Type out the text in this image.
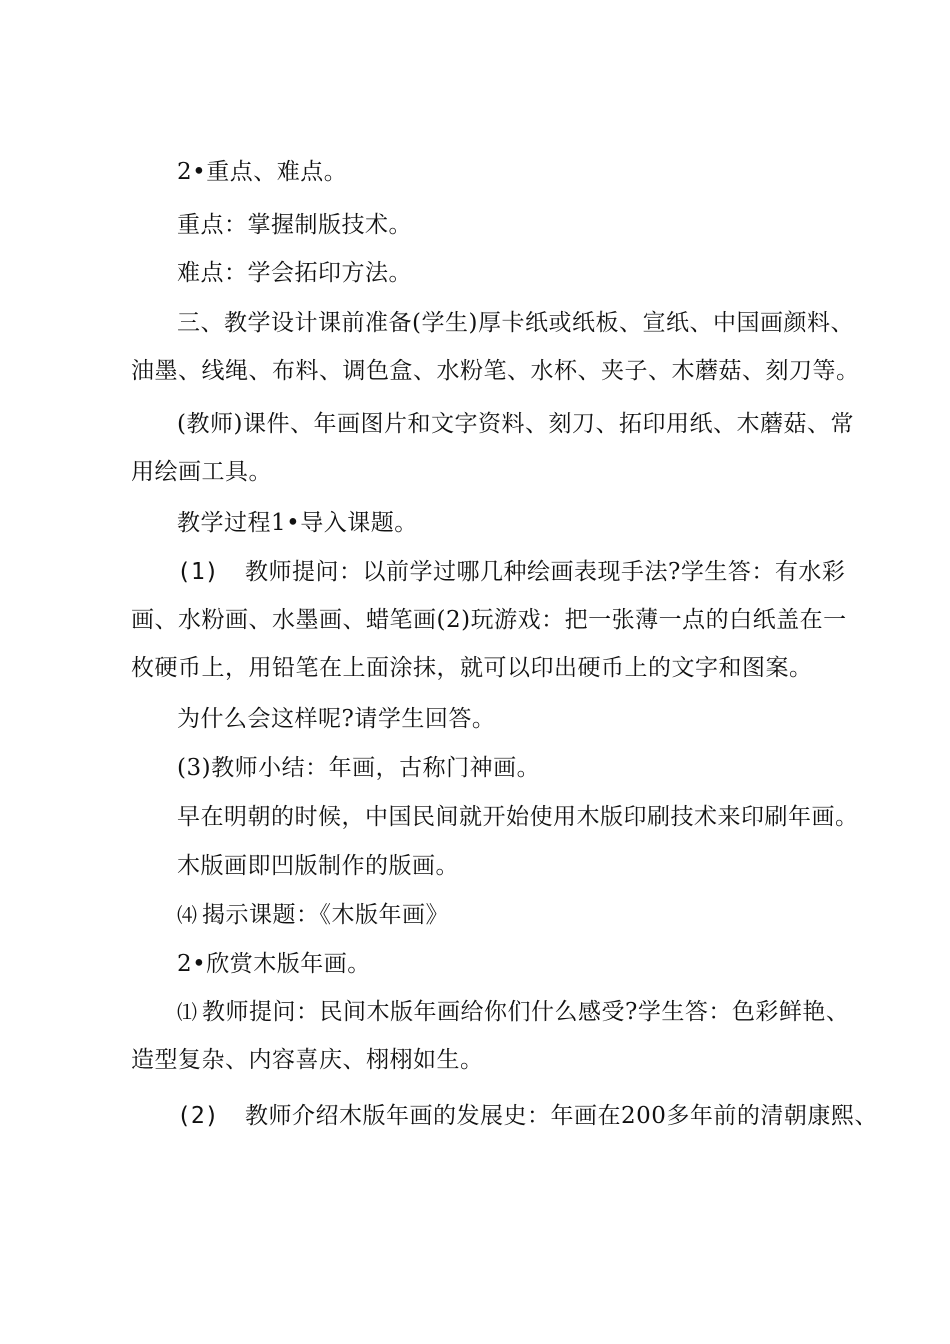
2•重点、难点。
重点：掌握制版技术。
难点：学会拓印方法。
三、教学设计课前准备(学生)厚卡纸或纸板、宣纸、中国画颜料、
油墨、线绳、布料、调色盒、水粉笔、水杯、夹子、木蘑菇、刻刀等。
(教师)课件、年画图片和文字资料、刻刀、拓印用纸、木蘑菇、常
用绘画工具。
教学过程1•导入课题。
(1) 教师提问：以前学过哪几种绘画表现手法?学生答：有水彩
画、水粉画、水墨画、蜡笔画(2)玩游戏：把一张薄一点的白纸盖在一
枚硬币上，用铅笔在上面涂抹，就可以印出硬币上的文字和图案。
为什么会这样呢?请学生回答。
(3)教师小结：年画，古称门神画。
早在明朝的时候，中国民间就开始使用木版印刷技术来印刷年画。
木版画即凹版制作的版画。
⑷ 揭示课题：《木版年画》
2•欣赏木版年画。
⑴ 教师提问：民间木版年画给你们什么感受?学生答：色彩鲜艳、
造型复杂、内容喜庆、栩栩如生。
(2) 教师介绍木版年画的发展史：年画在200多年前的清朝康熙、
